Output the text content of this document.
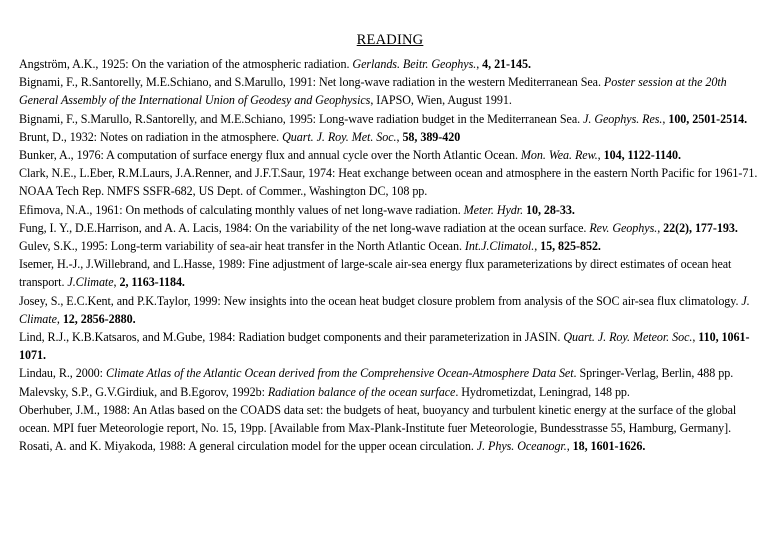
READING

Angström, A.K., 1925: On the variation of the atmospheric radiation. Gerlands. Beitr. Geophys., 4, 21-145.

Bignami, F., R.Santorelly, M.E.Schiano, and S.Marullo, 1991: Net long-wave radiation in the western Mediterranean Sea. Poster session at the 20th General Assembly of the International Union of Geodesy and Geophysics, IAPSO, Wien, August 1991.

Bignami, F., S.Marullo, R.Santorelly, and M.E.Schiano, 1995: Long-wave radiation budget in the Mediterranean Sea. J. Geophys. Res., 100, 2501-2514.

Brunt, D., 1932: Notes on radiation in the atmosphere. Quart. J. Roy. Met. Soc., 58, 389-420

Bunker, A., 1976: A computation of surface energy flux and annual cycle over the North Atlantic Ocean. Mon. Wea. Rew., 104, 1122-1140.

Clark, N.E., L.Eber, R.M.Laurs, J.A.Renner, and J.F.T.Saur, 1974: Heat exchange between ocean and atmosphere in the eastern North Pacific for 1961-71. NOAA Tech Rep. NMFS SSFR-682, US Dept. of Commer., Washington DC, 108 pp.

Efimova, N.A., 1961: On methods of calculating monthly values of net long-wave radiation. Meter. Hydr. 10, 28-33.

Fung, I. Y., D.E.Harrison, and A. A. Lacis, 1984: On the variability of the net long-wave radiation at the ocean surface. Rev. Geophys., 22(2), 177-193.

Gulev, S.K., 1995: Long-term variability of sea-air heat transfer in the North Atlantic Ocean. Int.J.Climatol., 15, 825-852.

Isemer, H.-J., J.Willebrand, and L.Hasse, 1989: Fine adjustment of large-scale air-sea energy flux parameterizations by direct estimates of ocean heat transport. J.Climate, 2, 1163-1184.

Josey, S., E.C.Kent, and P.K.Taylor, 1999: New insights into the ocean heat budget closure problem from analysis of the SOC air-sea flux climatology. J. Climate, 12, 2856-2880.

Lind, R.J., K.B.Katsaros, and M.Gube, 1984: Radiation budget components and their parameterization in JASIN. Quart. J. Roy. Meteor. Soc., 110, 1061-1071.

Lindau, R., 2000: Climate Atlas of the Atlantic Ocean derived from the Comprehensive Ocean-Atmosphere Data Set. Springer-Verlag, Berlin, 488 pp.

Malevsky, S.P., G.V.Girdiuk, and B.Egorov, 1992b: Radiation balance of the ocean surface. Hydrometizdat, Leningrad, 148 pp.

Oberhuber, J.M., 1988: An Atlas based on the COADS data set: the budgets of heat, buoyancy and turbulent kinetic energy at the surface of the global ocean. MPI fuer Meteorologie report, No. 15, 19pp. [Available from Max-Plank-Institute fuer Meteorologie, Bundesstrasse 55, Hamburg, Germany].

Rosati, A. and K. Miyakoda, 1988: A general circulation model for the upper ocean circulation. J. Phys. Oceanogr., 18, 1601-1626.
